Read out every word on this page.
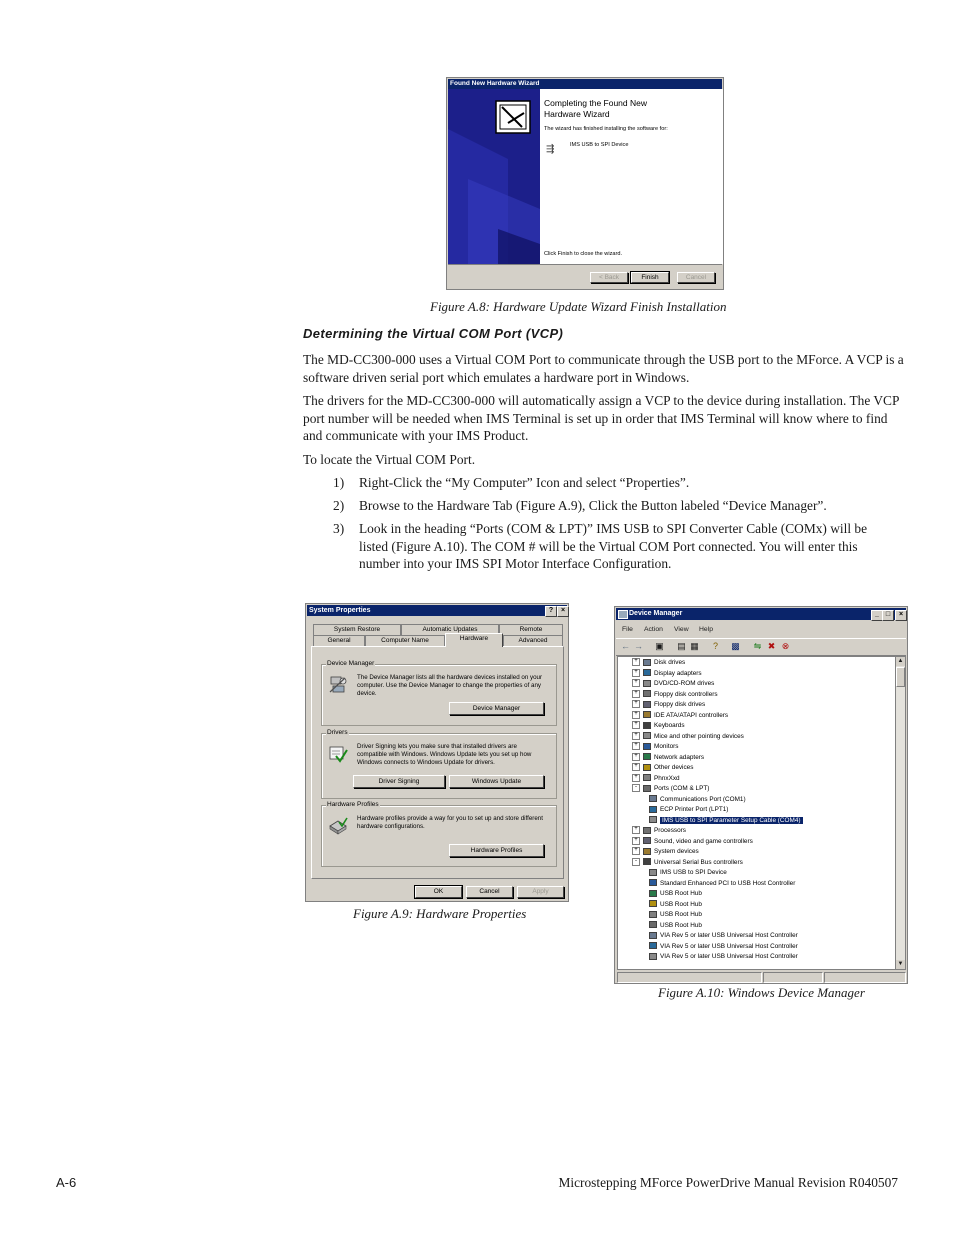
Found New Hardware Wizard
Completing the Found New
Hardware Wizard
The wizard has finished installing the software for:
⇶	IMS USB to SPI Device
Click Finish to close the wizard.
< Back	Finish	Cancel
Figure A.8: Hardware Update Wizard Finish Installation
Determining the Virtual COM Port (VCP)
The MD-CC300-000 uses a Virtual COM Port to communicate through the USB port to the MForce. A VCP is a software driven serial port which emulates a hardware port in Windows.
The drivers for the MD-CC300-000 will automatically assign a VCP to the device during installation. The VCP port number will be needed when IMS Terminal is set up in order that IMS Terminal will know where to find and communicate with your IMS Product.
To locate the Virtual COM Port.
1) Right-Click the “My Computer” Icon and select “Properties”.
2) Browse to the Hardware Tab (Figure A.9), Click the Button labeled “Device Manager”.
3) Look in the heading “Ports (COM & LPT)” IMS USB to SPI Converter Cable (COMx) will be listed (Figure A.10). The COM # will be the Virtual COM Port connected. You will enter this number into your IMS SPI Motor Interface Configuration.
System Properties	?	×
System Restore	Automatic Updates	Remote
General	Computer Name	Hardware	Advanced
Device Manager
The Device Manager lists all the hardware devices installed on your computer. Use the Device Manager to change the properties of any device.
Device Manager
Drivers
Driver Signing lets you make sure that installed drivers are compatible with Windows. Windows Update lets you set up how Windows connects to Windows Update for drivers.
Driver Signing	Windows Update
Hardware Profiles
Hardware profiles provide a way for you to set up and store different hardware configurations.
Hardware Profiles
OK	Cancel	Apply
Figure A.9: Hardware Properties
Device Manager	_ □	×
File Action View Help
← → ▣ ▤ ▦	?	▩ ⇋ ✖ ⊗
+	Disk drives
+	Display adapters
+	DVD/CD-ROM drives
+	Floppy disk controllers
+	Floppy disk drives
+	IDE ATA/ATAPI controllers
+	Keyboards
+	Mice and other pointing devices
+	Monitors
+	Network adapters
+	Other devices
+	PhnxXxd
-	Ports (COM & LPT)
Communications Port (COM1)
ECP Printer Port (LPT1)
IMS USB to SPI Parameter Setup Cable (COM4)
+	Processors
+	Sound, video and game controllers
+	System devices
-	Universal Serial Bus controllers
IMS USB to SPI Device
Standard Enhanced PCI to USB Host Controller
USB Root Hub
USB Root Hub
USB Root Hub
USB Root Hub
VIA Rev 5 or later USB Universal Host Controller
VIA Rev 5 or later USB Universal Host Controller
VIA Rev 5 or later USB Universal Host Controller
▲
▼
Figure A.10: Windows Device Manager
A-6	Microstepping MForce PowerDrive Manual Revision R040507
